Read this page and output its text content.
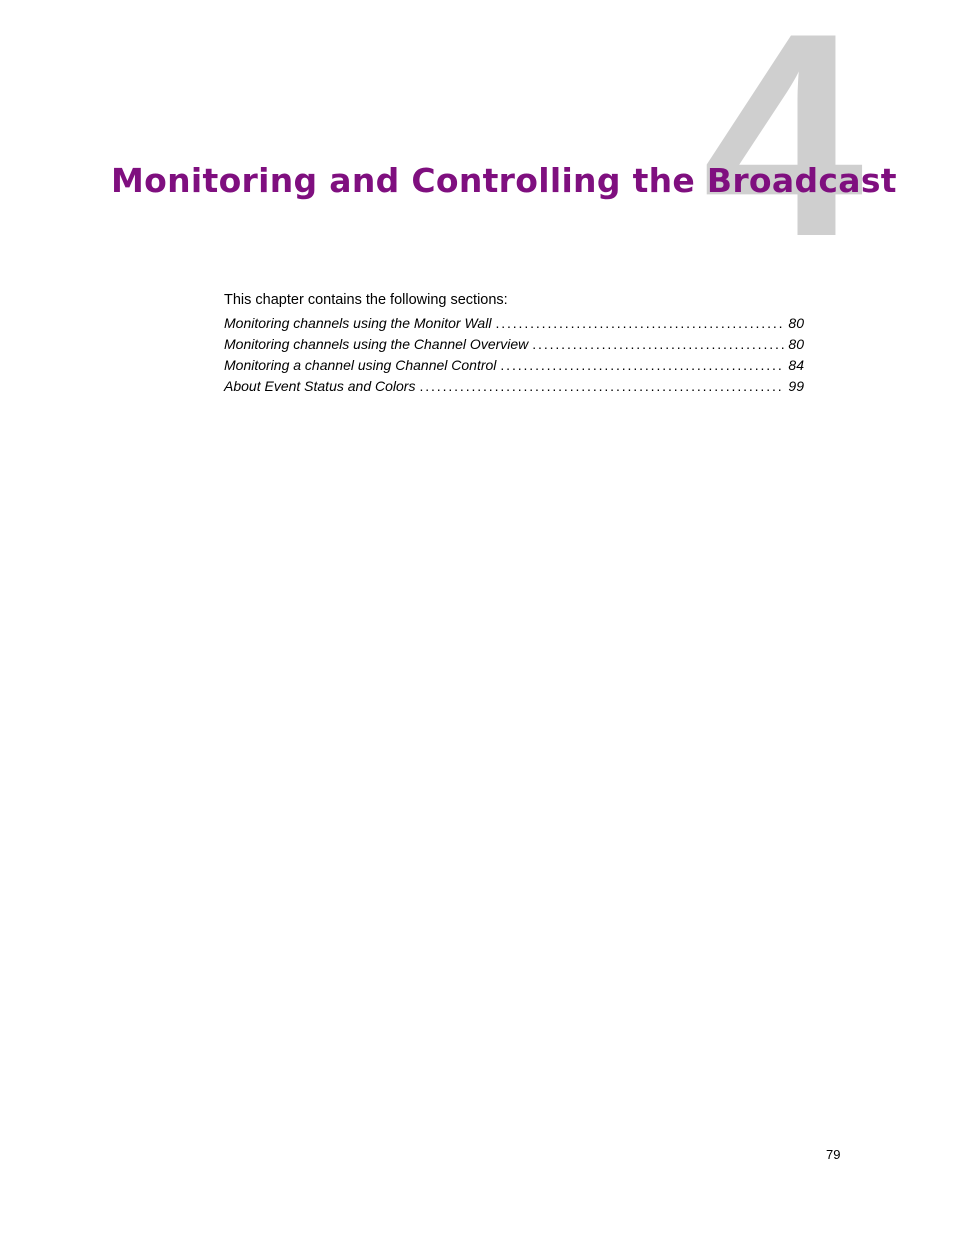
4
Monitoring and Controlling the Broadcast
This chapter contains the following sections:
Monitoring channels using the Monitor Wall . . .	80
Monitoring channels using the Channel Overview . . .	80
Monitoring a channel using Channel Control . . .	84
About Event Status and Colors . . .	99
79
